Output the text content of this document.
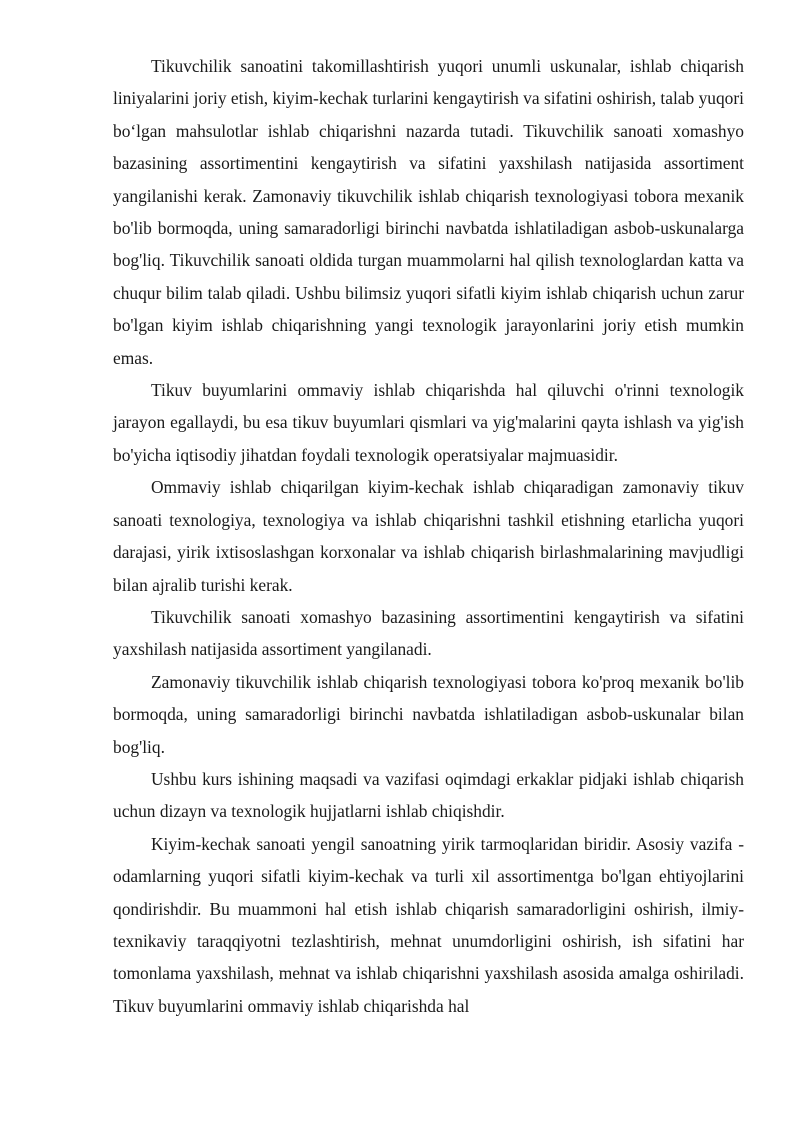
Tikuvchilik sanoatini takomillashtirish yuqori unumli uskunalar, ishlab chiqarish liniyalarini joriy etish, kiyim-kechak turlarini kengaytirish va sifatini oshirish, talab yuqori bo‘lgan mahsulotlar ishlab chiqarishni nazarda tutadi. Tikuvchilik sanoati xomashyo bazasining assortimentini kengaytirish va sifatini yaxshilash natijasida assortiment yangilanishi kerak. Zamonaviy tikuvchilik ishlab chiqarish texnologiyasi tobora mexanik bo'lib bormoqda, uning samaradorligi birinchi navbatda ishlatiladigan asbob-uskunalarga bog'liq. Tikuvchilik sanoati oldida turgan muammolarni hal qilish texnologlardan katta va chuqur bilim talab qiladi. Ushbu bilimsiz yuqori sifatli kiyim ishlab chiqarish uchun zarur bo'lgan kiyim ishlab chiqarishning yangi texnologik jarayonlarini joriy etish mumkin emas.

Tikuv buyumlarini ommaviy ishlab chiqarishda hal qiluvchi o'rinni texnologik jarayon egallaydi, bu esa tikuv buyumlari qismlari va yig'malarini qayta ishlash va yig'ish bo'yicha iqtisodiy jihatdan foydali texnologik operatsiyalar majmuasidir.

Ommaviy ishlab chiqarilgan kiyim-kechak ishlab chiqaradigan zamonaviy tikuv sanoati texnologiya, texnologiya va ishlab chiqarishni tashkil etishning etarlicha yuqori darajasi, yirik ixtisoslashgan korxonalar va ishlab chiqarish birlashmalarining mavjudligi bilan ajralib turishi kerak.

Tikuvchilik sanoati xomashyo bazasining assortimentini kengaytirish va sifatini yaxshilash natijasida assortiment yangilanadi.

Zamonaviy tikuvchilik ishlab chiqarish texnologiyasi tobora ko'proq mexanik bo'lib bormoqda, uning samaradorligi birinchi navbatda ishlatiladigan asbob-uskunalar bilan bog'liq.

Ushbu kurs ishining maqsadi va vazifasi oqimdagi erkaklar pidjaki ishlab chiqarish uchun dizayn va texnologik hujjatlarni ishlab chiqishdir.

Kiyim-kechak sanoati yengil sanoatning yirik tarmoqlaridan biridir. Asosiy vazifa - odamlarning yuqori sifatli kiyim-kechak va turli xil assortimentga bo'lgan ehtiyojlarini qondirishdir. Bu muammoni hal etish ishlab chiqarish samaradorligini oshirish, ilmiy-texnikaviy taraqqiyotni tezlashtirish, mehnat unumdorligini oshirish, ish sifatini har tomonlama yaxshilash, mehnat va ishlab chiqarishni yaxshilash asosida amalga oshiriladi. Tikuv buyumlarini ommaviy ishlab chiqarishda hal
